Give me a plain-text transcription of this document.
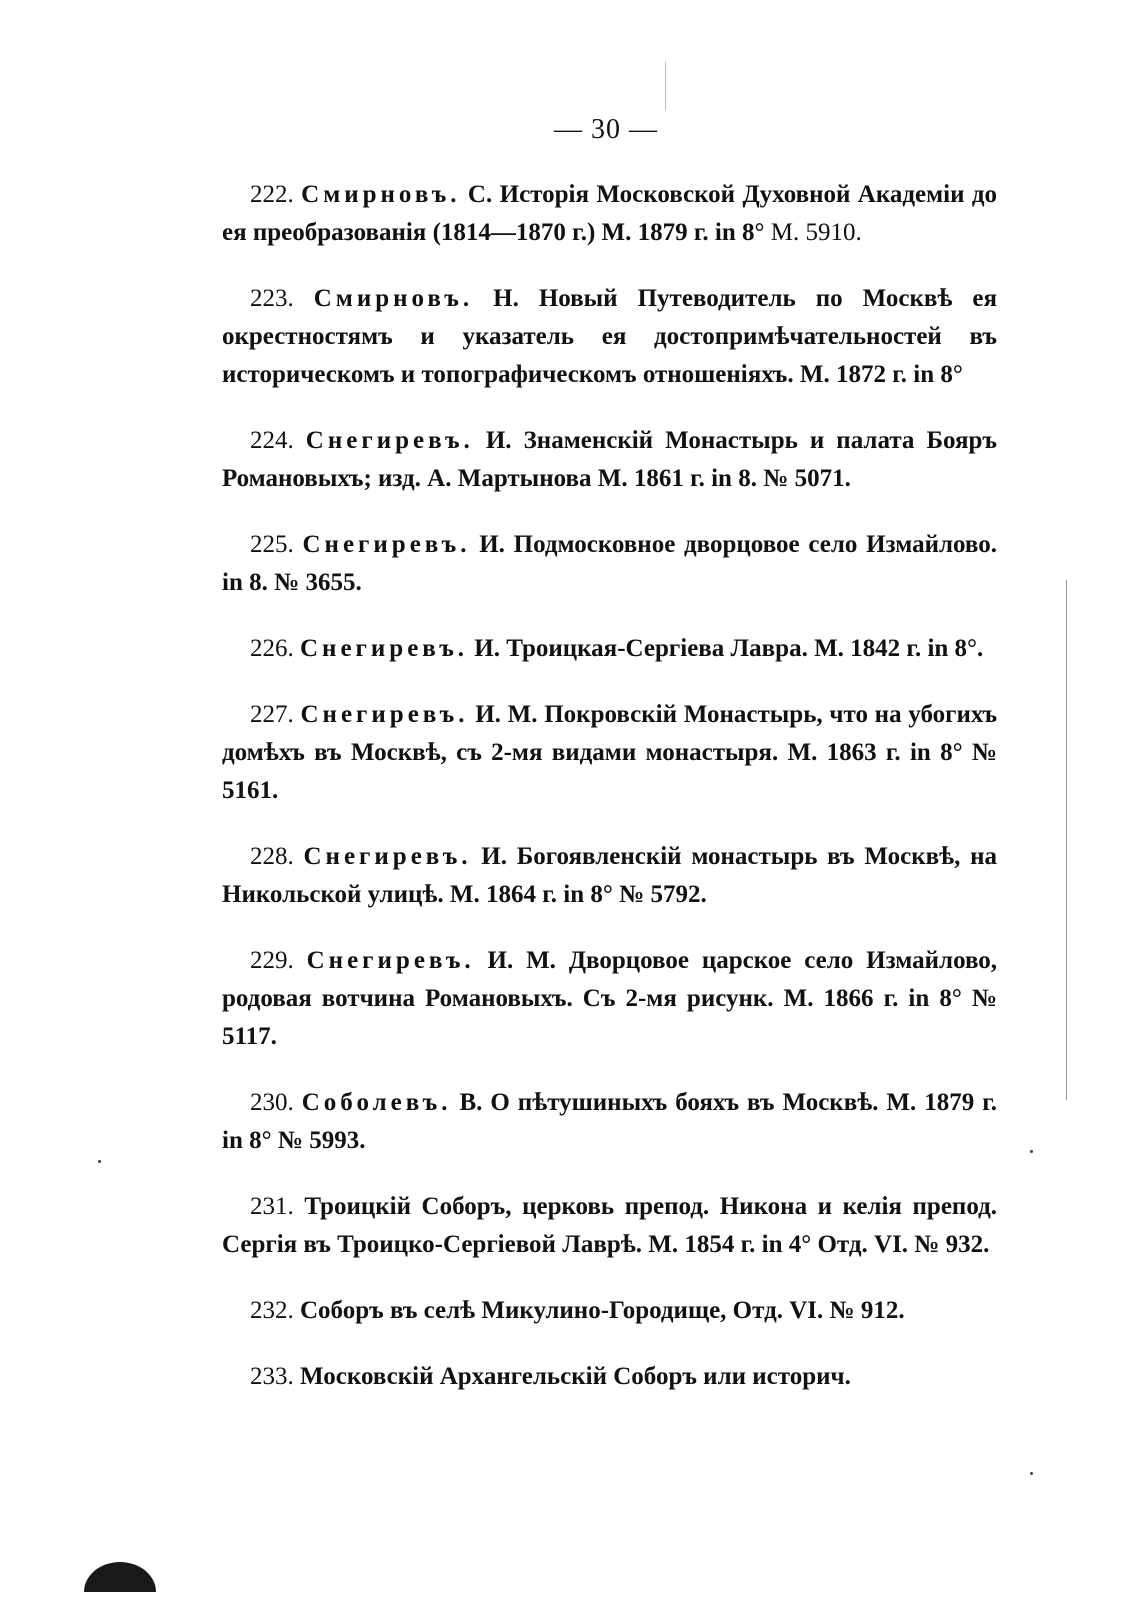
— 30 —

222. Смирновъ. С. Исторія Московской Духовной Академіи до ея преобразованія (1814—1870 г.) М. 1879 г. in 8° М. 5910.

223. Смирновъ. Н. Новый Путеводитель по Москвѣ ея окрестностямъ и указатель ея достопримѣчательностей въ историческомъ и топографическомъ отношеніяхъ. М. 1872 г. in 8°

224. Снегиревъ. И. Знаменскій Монастырь и палата Бояръ Романовыхъ; изд. А. Мартынова М. 1861 г. in 8. № 5071.

225. Снегиревъ. И. Подмосковное дворцовое село Измайлово. in 8. № 3655.

226. Снегиревъ. И. Троицкая-Сергіева Лавра. М. 1842 г. in 8°.

227. Снегиревъ. И. М. Покровскій Монастырь, что на убогихъ домѣхъ въ Москвѣ, съ 2-мя видами монастыря. М. 1863 г. in 8° № 5161.

228. Снегиревъ. И. Богоявленскій монастырь въ Москвѣ, на Никольской улицѣ. М. 1864 г. in 8° № 5792.

229. Снегиревъ. И. М. Дворцовое царское село Измайлово, родовая вотчина Романовыхъ. Съ 2-мя рисунк. М. 1866 г. in 8° № 5117.

230. Соболевъ. В. О пѣтушиныхъ бояхъ въ Москвѣ. М. 1879 г. in 8° № 5993.

231. Троицкій Соборъ, церковь препод. Никона и келія препод. Сергія въ Троицко-Сергіевой Лаврѣ. М. 1854 г. in 4° Отд. VI. № 932.

232. Соборъ въ селѣ Микулино-Городище, Отд. VI. № 912.

233. Московскій Архангельскій Соборъ или историч.
